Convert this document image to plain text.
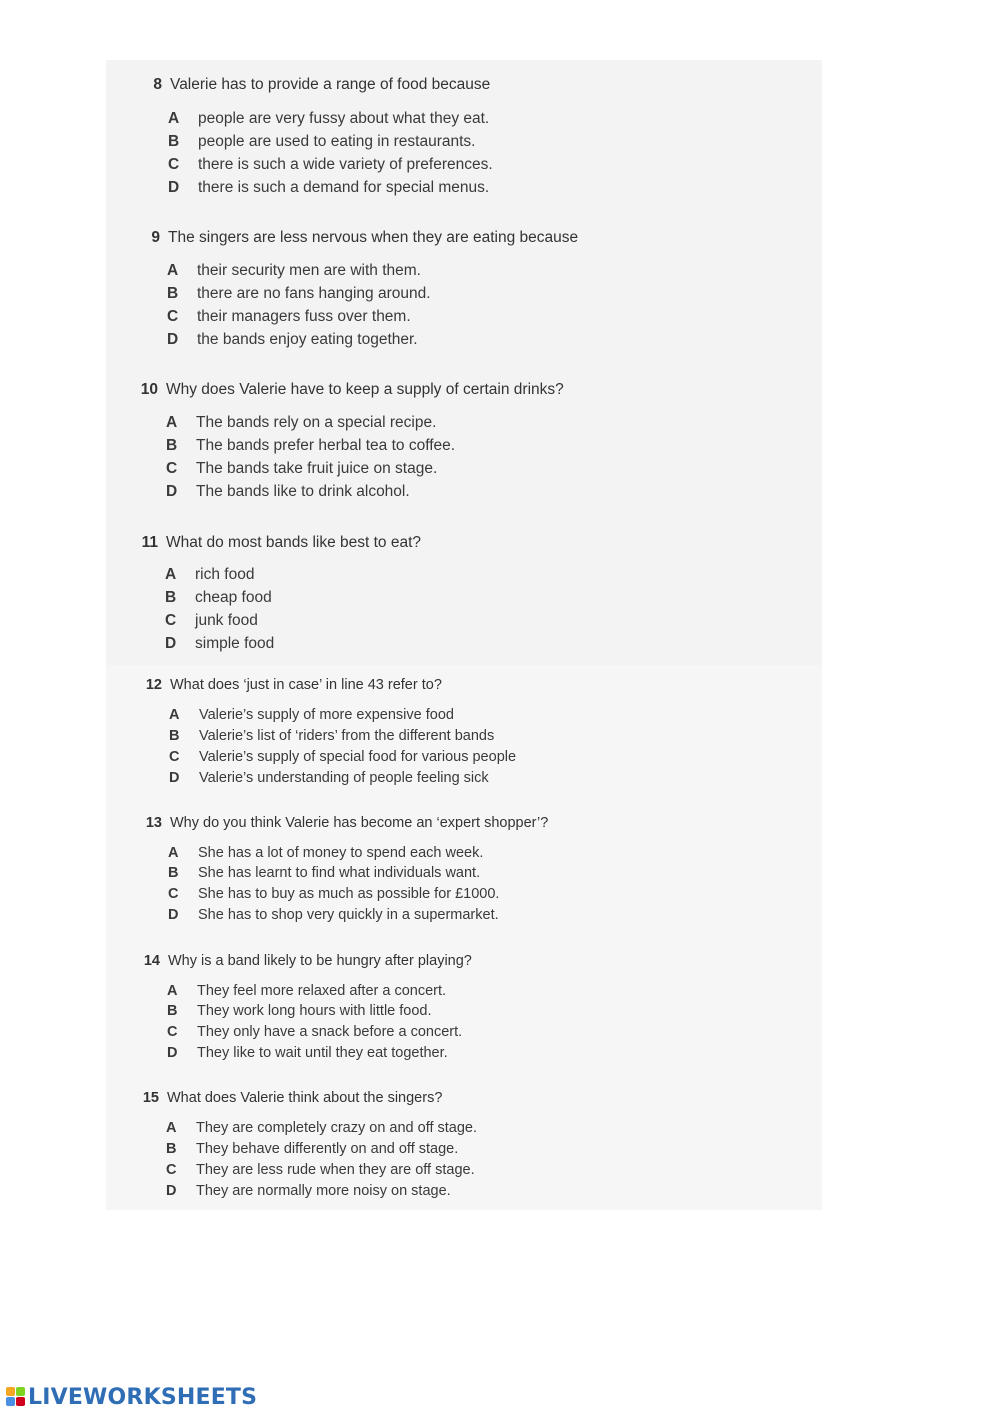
8 Valerie has to provide a range of food because
A	people are very fussy about what they eat.
B	people are used to eating in restaurants.
C	there is such a wide variety of preferences.
D	there is such a demand for special menus.
9 The singers are less nervous when they are eating because
A	their security men are with them.
B	there are no fans hanging around.
C	their managers fuss over them.
D	the bands enjoy eating together.
10 Why does Valerie have to keep a supply of certain drinks?
A	The bands rely on a special recipe.
B	The bands prefer herbal tea to coffee.
C	The bands take fruit juice on stage.
D	The bands like to drink alcohol.
11 What do most bands like best to eat?
A	rich food
B	cheap food
C	junk food
D	simple food
12 What does ‘just in case’ in line 43 refer to?
A	Valerie’s supply of more expensive food
B	Valerie’s list of ‘riders’ from the different bands
C	Valerie’s supply of special food for various people
D	Valerie’s understanding of people feeling sick
13 Why do you think Valerie has become an ‘expert shopper’?
A	She has a lot of money to spend each week.
B	She has learnt to find what individuals want.
C	She has to buy as much as possible for £1000.
D	She has to shop very quickly in a supermarket.
14 Why is a band likely to be hungry after playing?
A	They feel more relaxed after a concert.
B	They work long hours with little food.
C	They only have a snack before a concert.
D	They like to wait until they eat together.
15 What does Valerie think about the singers?
A	They are completely crazy on and off stage.
B	They behave differently on and off stage.
C	They are less rude when they are off stage.
D	They are normally more noisy on stage.
LIVEWORKSHEETS
